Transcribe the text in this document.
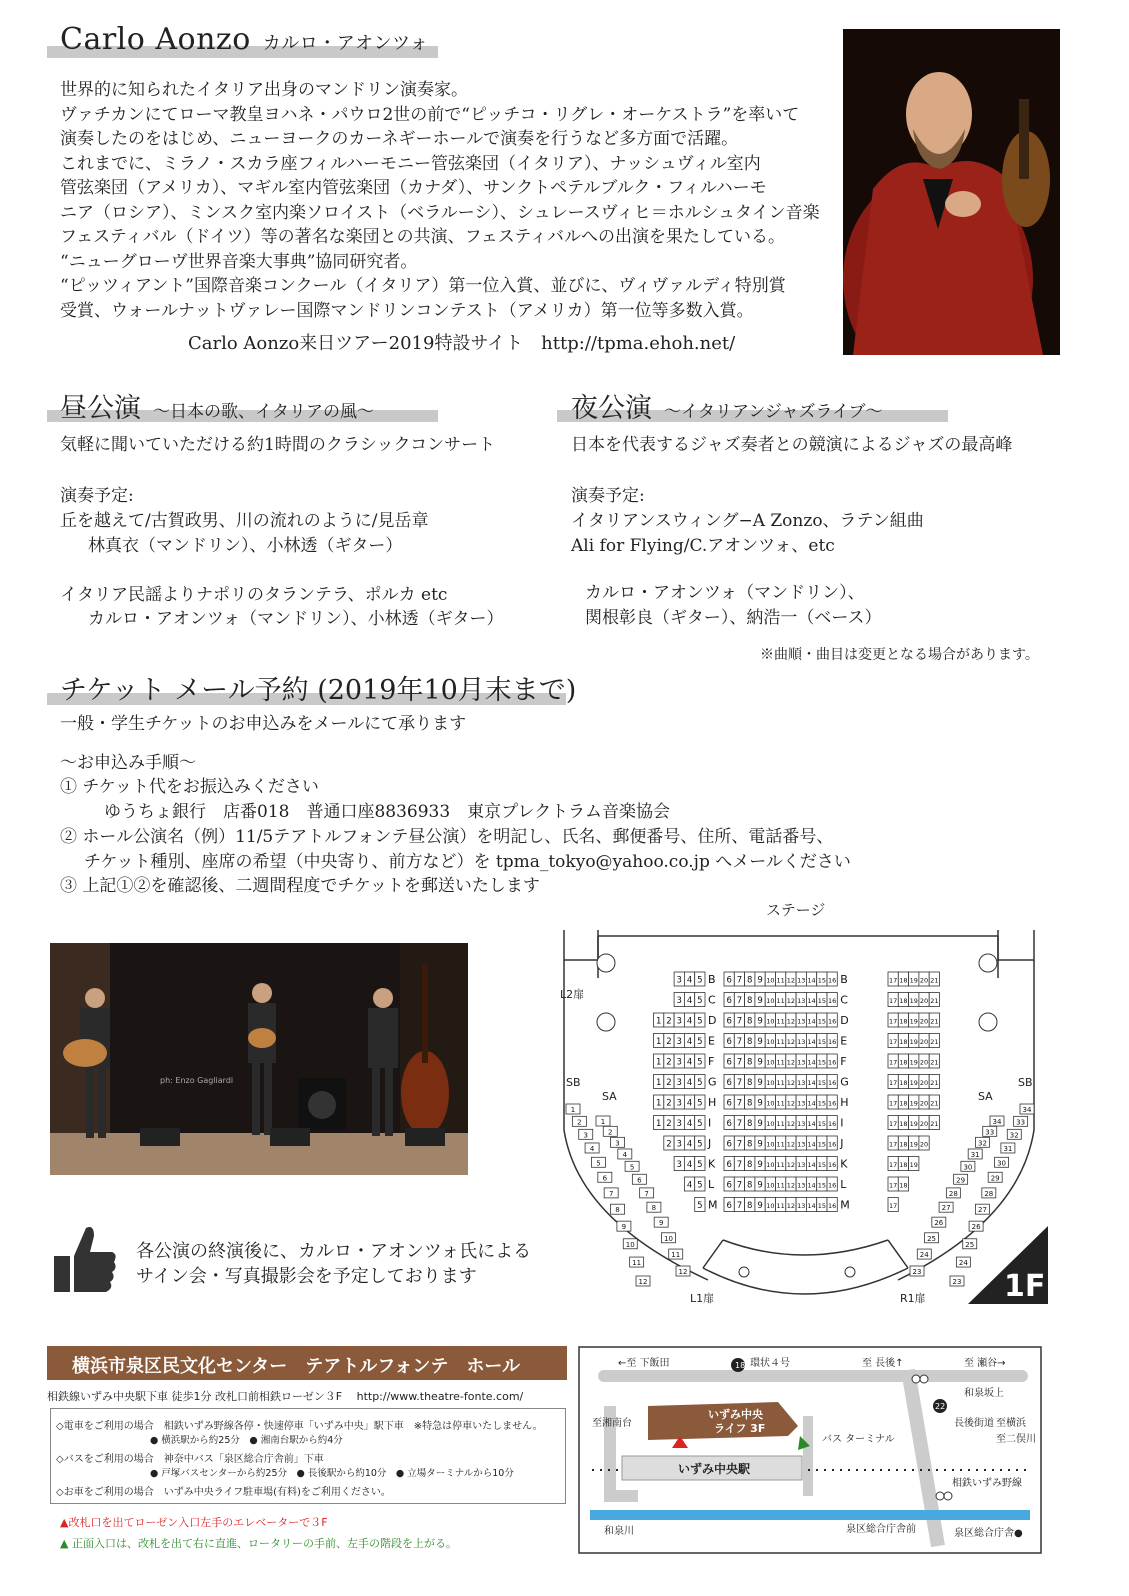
Carlo Aonzo カルロ・アオンツォ
世界的に知られたイタリア出身のマンドリン演奏家。
ヴァチカンにてローマ教皇ヨハネ・パウロ2世の前で“ピッチコ・リグレ・オーケストラ”を率いて
演奏したのをはじめ、ニューヨークのカーネギーホールで演奏を行うなど多方面で活躍。
これまでに、ミラノ・スカラ座フィルハーモニー管弦楽団（イタリア）、ナッシュヴィル室内
管弦楽団（アメリカ）、マギル室内管弦楽団（カナダ）、サンクトペテルブルク・フィルハーモ
ニア（ロシア）、ミンスク室内楽ソロイスト（ベラルーシ）、シュレースヴィヒ＝ホルシュタイン音楽
フェスティバル（ドイツ）等の著名な楽団との共演、フェスティバルへの出演を果たしている。
“ニューグローヴ世界音楽大事典”協同研究者。
“ピッツィアント”国際音楽コンクール（イタリア）第一位入賞、並びに、ヴィヴァルディ特別賞
受賞、ウォールナットヴァレー国際マンドリンコンテスト（アメリカ）第一位等多数入賞。
Carlo Aonzo来日ツアー2019特設サイト　http://tpma.ehoh.net/
昼公演 ～日本の歌、イタリアの風～
気軽に聞いていただける約1時間のクラシックコンサート
演奏予定:
丘を越えて/古賀政男、川の流れのように/見岳章
林真衣（マンドリン）、小林透（ギター）
イタリア民謡よりナポリのタランテラ、ポルカ etc
カルロ・アオンツォ（マンドリン）、小林透（ギター）
夜公演 ～イタリアンジャズライブ～
日本を代表するジャズ奏者との競演によるジャズの最高峰
演奏予定:
イタリアンスウィング−A Zonzo、ラテン組曲
Ali for Flying/C.アオンツォ、etc
カルロ・アオンツォ（マンドリン）、
関根彰良（ギター）、納浩一（ベース）
※曲順・曲目は変更となる場合があります。
チケット メール予約 (2019年10月末まで)
一般・学生チケットのお申込みをメールにて承ります
～お申込み手順～
① チケット代をお振込みください
ゆうちょ銀行　店番018　普通口座8836933　東京プレクトラム音楽協会
② ホール公演名（例）11/5テアトルフォンテ昼公演）を明記し、氏名、郵便番号、住所、電話番号、
チケット種別、座席の希望（中央寄り、前方など）を tpma_tokyo@yahoo.co.jp へメールください
③ 上記①②を確認後、二週間程度でチケットを郵送いたします
ph: Enzo Gagliardi
各公演の終演後に、カルロ・アオンツォ氏による
サイン会・写真撮影会を予定しております
ステージ
3 4 5 B 6 7 8 9 10 11 12 13 14 15 16 B	17 18 19 20 21
3 4 5 C 6 7 8 9 10 11 12 13 14 15 16 C	17 18 19 20 21
1 2 3 4 5 D 6 7 8 9 10 11 12 13 14 15 16 D	17 18 19 20 21
1 2 3 4 5 E 6 7 8 9 10 11 12 13 14 15 16 E	17 18 19 20 21
1 2 3 4 5 F 6 7 8 9 10 11 12 13 14 15 16 F	17 18 19 20 21
1 2 3 4 5 G 6 7 8 9 10 11 12 13 14 15 16 G	17 18 19 20 21
1 2 3 4 5 H 6 7 8 9 10 11 12 13 14 15 16 H	17 18 19 20 21
1 2 3 4 5 I 6 7 8 9 10 11 12 13 14 15 16 I	17 18 19 20 21
2 3 4 5 J 6 7 8 9 10 11 12 13 14 15 16 J	17 18 19 20
3 4 5 K 6 7 8 9 10 11 12 13 14 15 16 K	17 18 19
4 5 L 6 7 8 9 10 11 12 13 14 15 16 L	17 18
5 M 6 7 8 9 10 11 12 13 14 15 16 M	17
1
1
34
34
2
2
33
33
3
3
32
32
4
4
31
31
5	5	30
30
6	6	29
29
7	7	28
28
8	8	27
27
9	9	26
26
10
10
25
25
11
11
24
24
12
12
23
23
L2扉
SB
SA
SB
SA
L1扉	R1扉	1F
横浜市泉区民文化センター　テアトルフォンテ　ホール
相鉄線いずみ中央駅下車 徒歩1分 改札口前相鉄ローゼン３F　 http://www.theatre-fonte.com/
◇電車をご利用の場合　相鉄いずみ野線各停・快速停車「いずみ中央」駅下車　※特急は停車いたしません。
● 横浜駅から約25分　● 湘南台駅から約4分
◇バスをご利用の場合　神奈中バス「泉区総合庁舎前」下車
● 戸塚バスセンターから約25分　● 長後駅から約10分　● 立場ターミナルから10分
◇お車をご利用の場合　いずみ中央ライフ駐車場(有料)をご利用ください。
▲改札口を出てローゼン入口左手のエレベーターで３F
▲ 正面入口は、改札を出て右に直進、ロータリーの手前、左手の階段を上がる。
←至 下飯田	18 環状４号	至 長後↑	至 瀬谷→
和泉坂上
22
長後街道 至横浜
至二俣川
至湘南台
いずみ中央
ライフ 3F
バス ターミナル
いずみ中央駅
相鉄いずみ野線
和泉川	泉区総合庁舎前	泉区総合庁舎●
